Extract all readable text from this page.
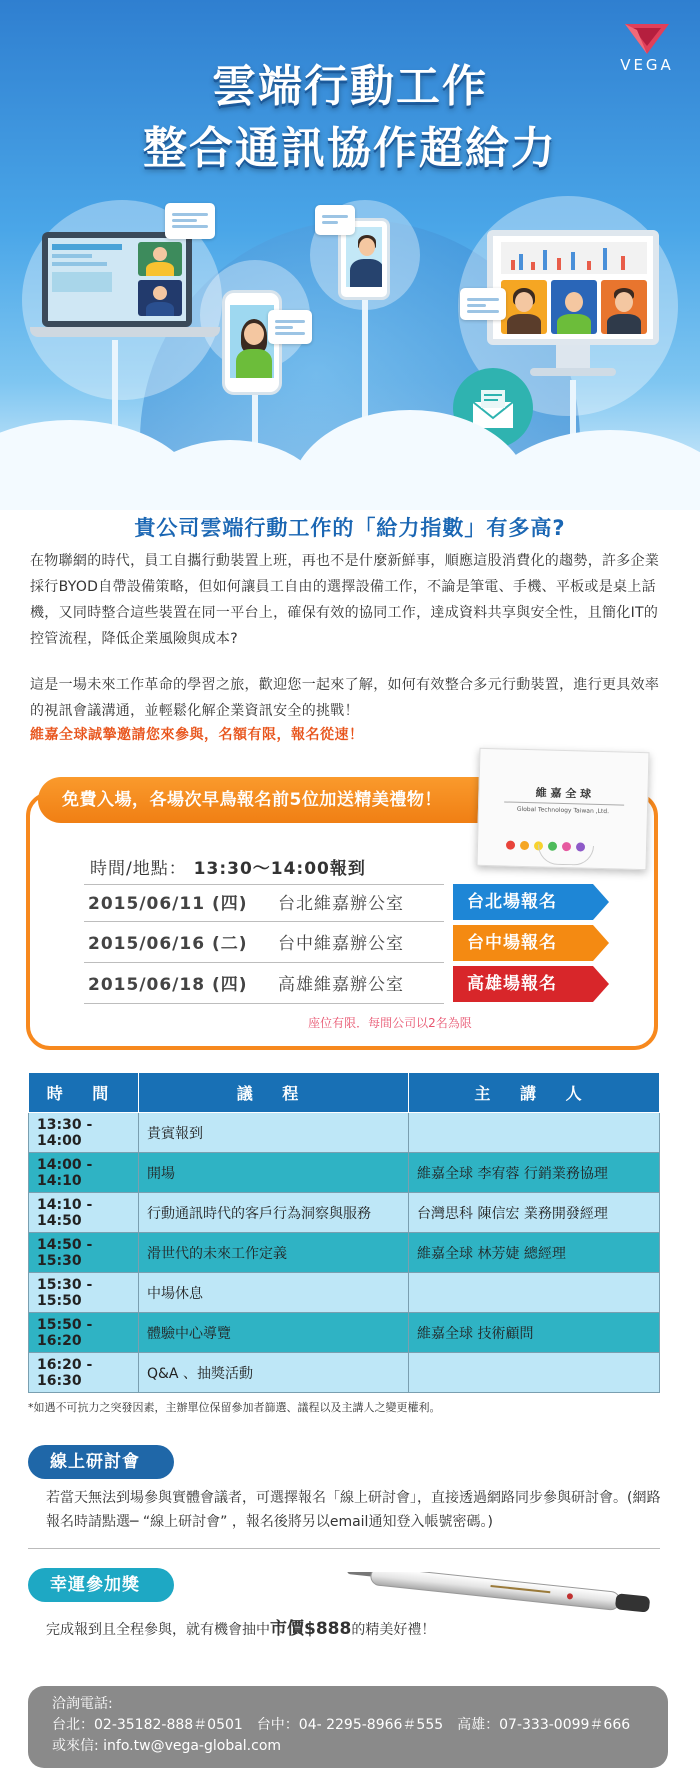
VEGA
雲端行動工作
整合通訊協作超給力
貴公司雲端行動工作的「給力指數」有多高?
在物聯網的時代，員工自攜行動裝置上班，再也不是什麼新鮮事，順應這股消費化的趨勢，許多企業採行BYOD自帶設備策略，但如何讓員工自由的選擇設備工作，不論是筆電、手機、平板或是桌上話機，又同時整合這些裝置在同一平台上，確保有效的協同工作，達成資料共享與安全性，且簡化IT的控管流程，降低企業風險與成本?
這是一場未來工作革命的學習之旅，歡迎您一起來了解，如何有效整合多元行動裝置，進行更具效率的視訊會議溝通，並輕鬆化解企業資訊安全的挑戰！
維嘉全球誠摯邀請您來參與，名額有限，報名從速！
免費入場，各場次早鳥報名前5位加送精美禮物！	維 嘉 全 球
Global Technology Taiwan ,Ltd.
時間/地點： 13:30～14:00報到
2015/06/11 (四) 台北維嘉辦公室
2015/06/16 (二) 台中維嘉辦公室
2015/06/18 (四) 高雄維嘉辦公室
台北場報名
台中場報名
高雄場報名
座位有限．每間公司以2名為限
時 間	議 程	主 講 人
13:30 - 14:00	貴賓報到	
14:00 - 14:10	開場	維嘉全球 李宥蓉 行銷業務協理
14:10 - 14:50	行動通訊時代的客戶行為洞察與服務	台灣思科 陳信宏 業務開發經理
14:50 - 15:30	滑世代的未來工作定義	維嘉全球 林芳婕 總經理
15:30 - 15:50	中場休息	
15:50 - 16:20	體驗中心導覽	維嘉全球 技術顧問
16:20 - 16:30	Q&A 、抽獎活動	
*如遇不可抗力之突發因素，主辦單位保留參加者篩選、議程以及主講人之變更權利。
線上研討會
若當天無法到場參與實體會議者，可選擇報名「線上研討會」，直接透過網路同步參與研討會。(網路報名時請點選─ “線上研討會” ，報名後將另以email通知登入帳號密碼。)
幸運參加獎
完成報到且全程參與，就有機會抽中市價$888的精美好禮！
洽詢電話:
台北：02-35182-888＃0501　台中：04- 2295-8966＃555　高雄：07-333-0099＃666
或來信: info.tw@vega-global.com
